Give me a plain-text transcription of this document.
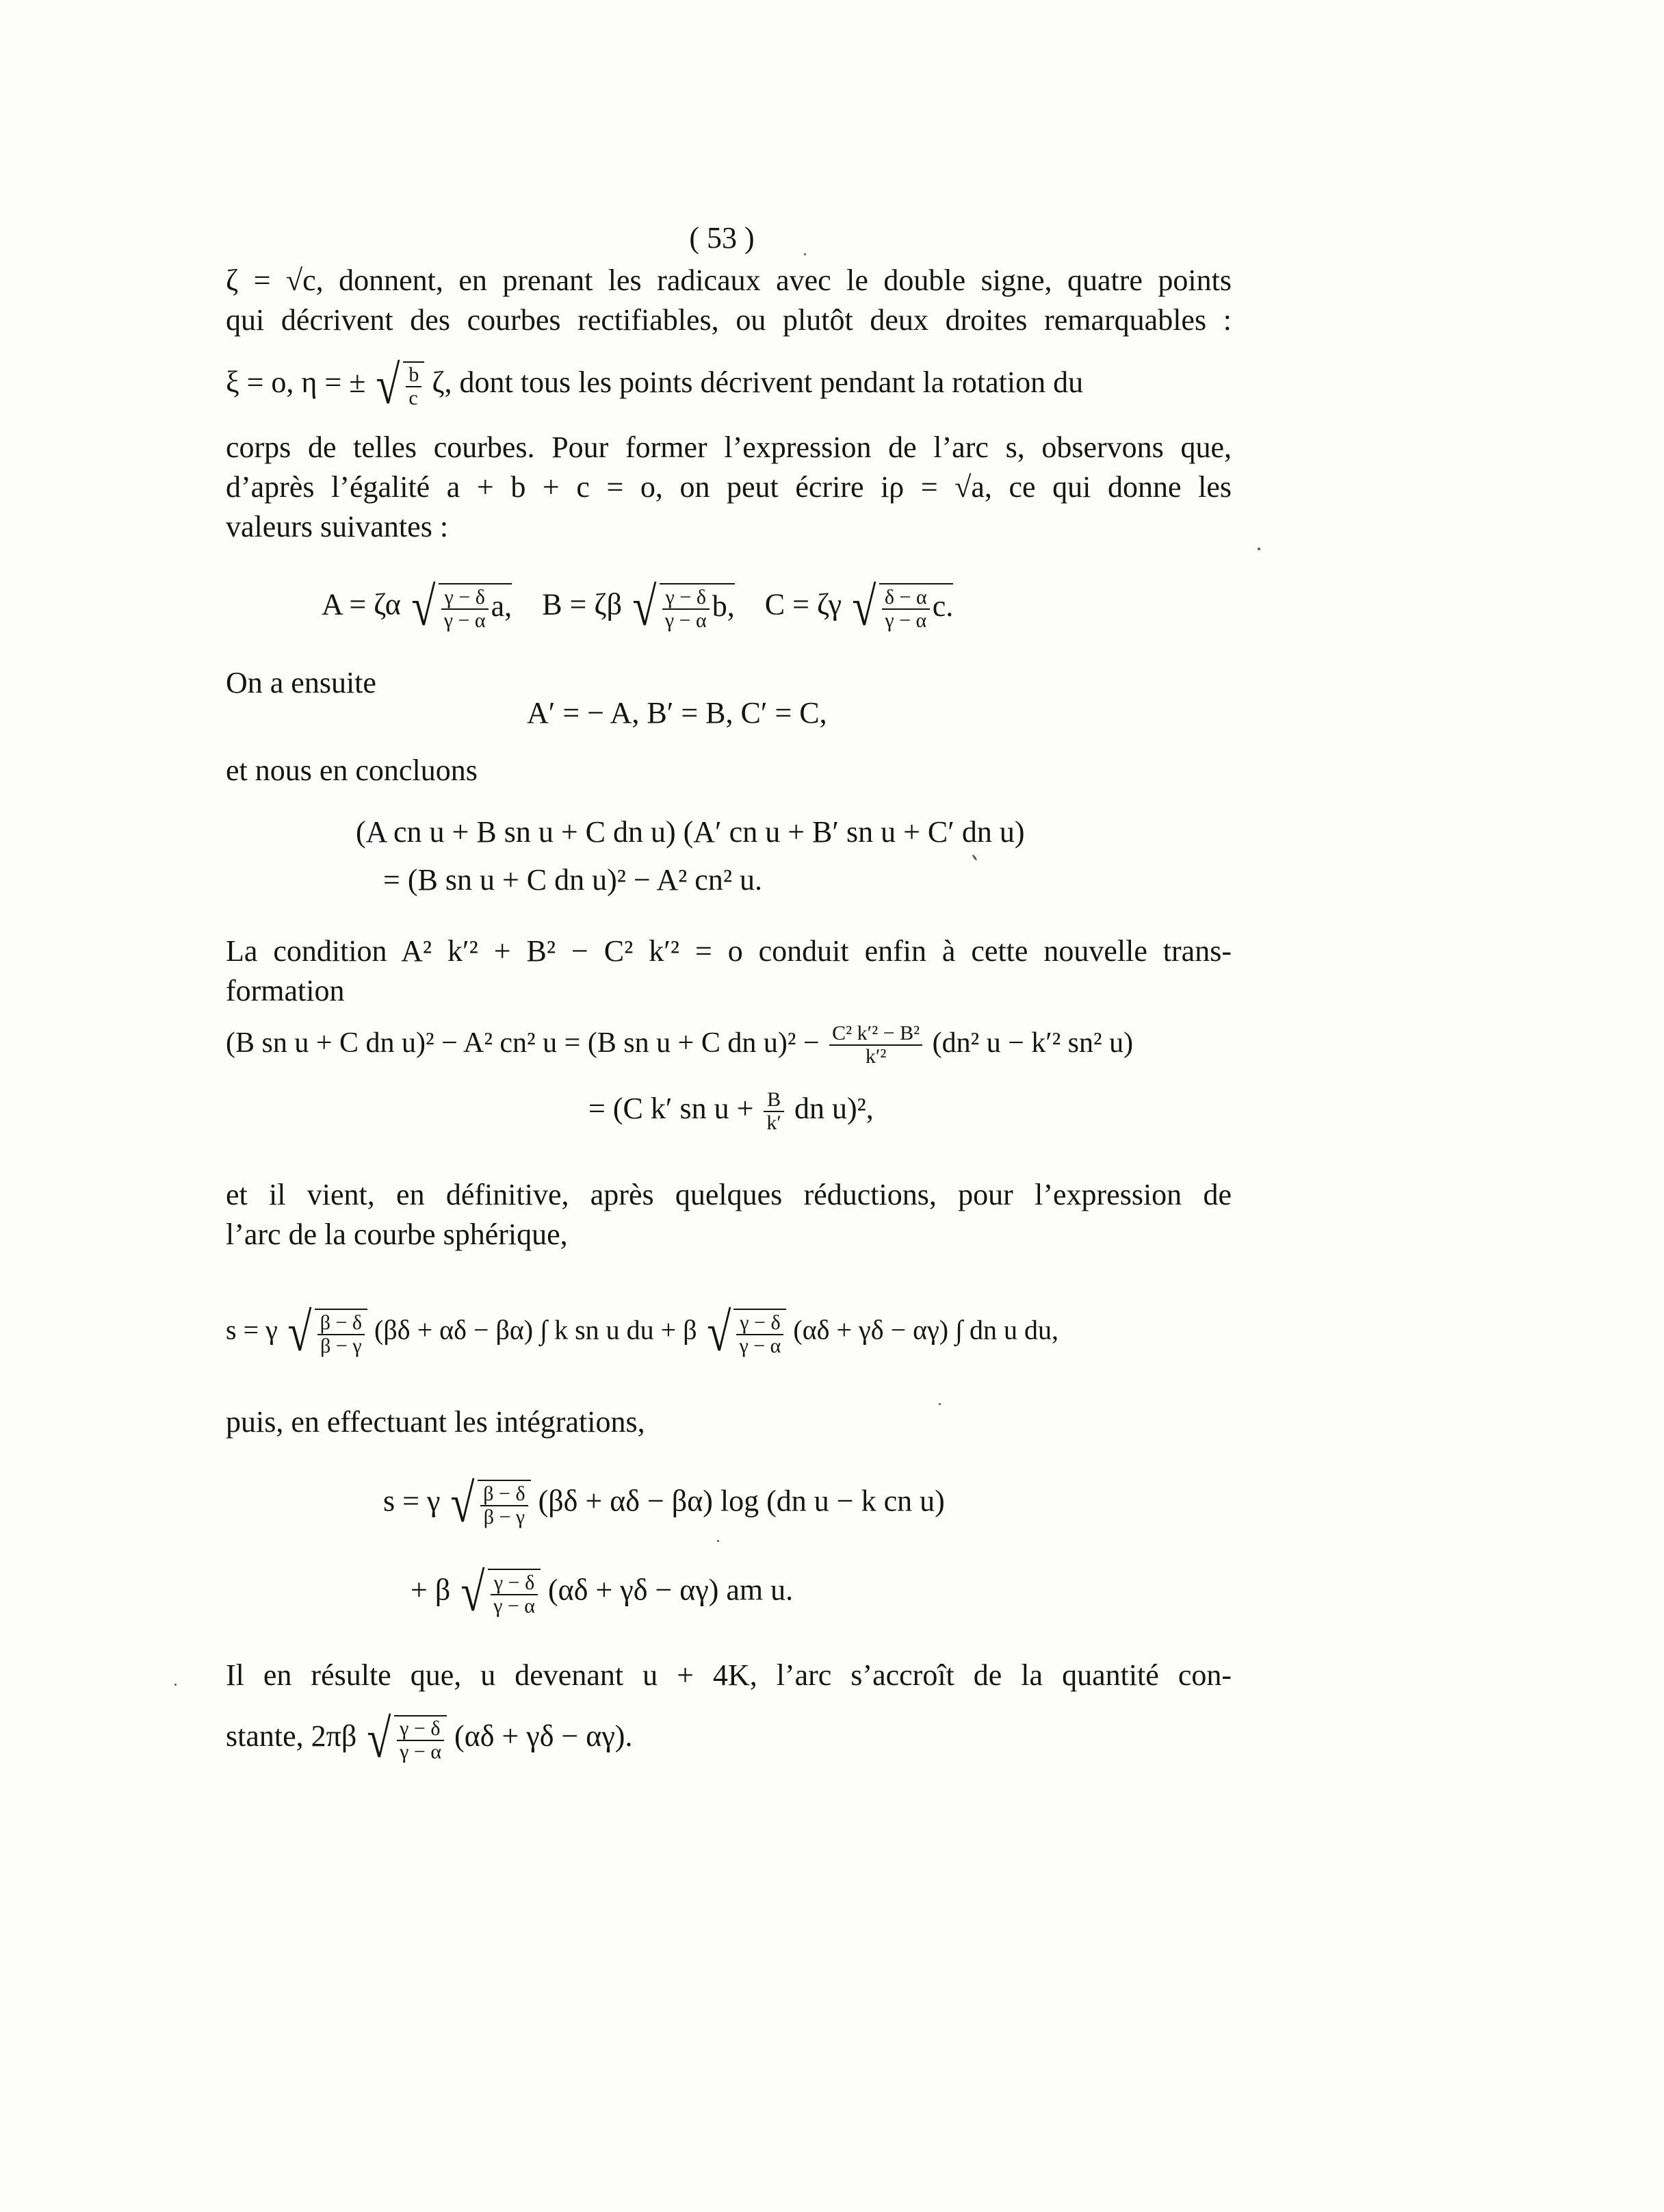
( 53 )
ζ = √c, donnent, en prenant les radicaux avec le double signe, quatre points
qui décrivent des courbes rectifiables, ou plutôt deux droites remarquables :
ξ = o, η = ± √ $\frac{b}{c} \zeta$, dont tous les points décrivent pendant la rotation du
corps de telles courbes. Pour former l’expression de l’arc s, observons que,
d’après l’égalité a + b + c = o, on peut écrire iρ = √a, ce qui donne les
valeurs suivantes :
A = ζα √ $\frac{\gamma - \delta}{\gamma - \alpha} a$, B = ζβ √ $\frac{\gamma - \delta}{\gamma - \alpha} b$, C = ζγ √ $\frac{\delta - \alpha}{\gamma - \alpha} c$.
On a ensuite
A′ = − A, B′ = B, C′ = C,
et nous en concluons
(A cn u + B sn u + C dn u) (A′ cn u + B′ sn u + C′ dn u)
= (B sn u + C dn u)² − A² cn² u.
La condition A² k′² + B² − C² k′² = o conduit enfin à cette nouvelle trans-
formation
(B sn u + C dn u)² − A² cn² u = (B sn u + C dn $u)^2 - \frac{\text{C² k′² − B²}}{\text{k′²}} (dn^2$ u − k′² sn² u)
= (C k′ sn $u + \frac{B}{k'}$ dn u)²,
et il vient, en définitive, après quelques réductions, pour l’expression de
l’arc de la courbe sphérique,
s = γ √ $\frac{\beta - \delta}{\beta - \gamma} (\beta\delta + \alpha\delta - \beta\alpha)$ ∫ k sn u du + β √ $\frac{\gamma - \delta}{\gamma - \alpha} (\alpha\delta + \gamma\delta - \alpha\gamma)$ ∫ dn u du,
puis, en effectuant les intégrations,
s = γ √ $\frac{\beta - \delta}{\beta - \gamma} (\beta\delta + \alpha\delta - \beta\alpha)$ log (dn u − k cn u)
+ β √ $\frac{\gamma - \delta}{\gamma - \alpha} (\alpha\delta + \gamma\delta - \alpha\gamma)$ am u.
Il en résulte que, u devenant u + 4K, l’arc s’accroît de la quantité con-
stante, 2πβ √ $\frac{\gamma - \delta}{\gamma - \alpha} (\alpha\delta + \gamma\delta - \alpha\gamma)$.
